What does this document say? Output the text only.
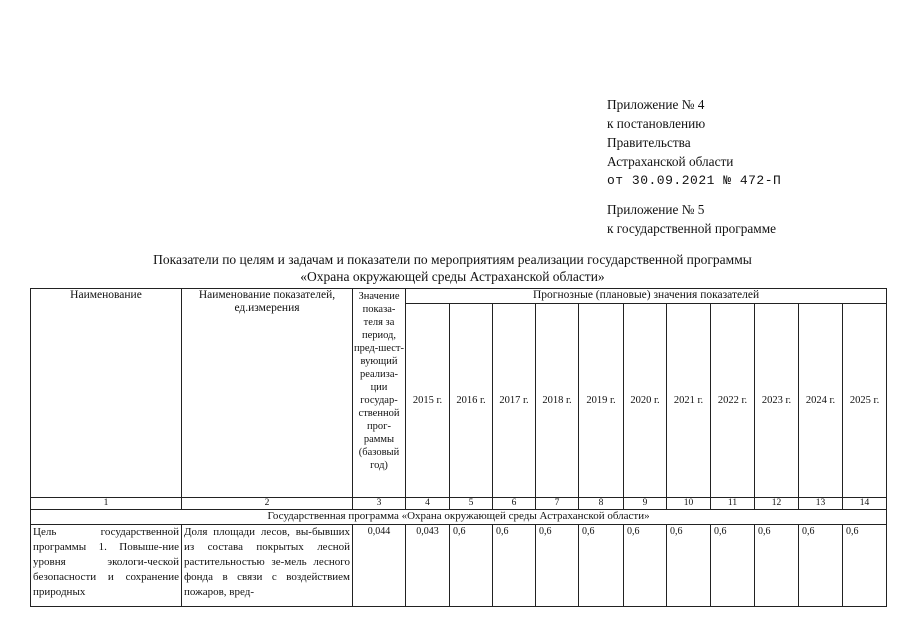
Приложение № 4
к постановлению
Правительства
Астраханской области
от 30.09.2021 № 472-П
Приложение № 5
к государственной программе
Показатели по целям и задачам и показатели по мероприятиям реализации государственной программы
«Охрана окружающей среды Астраханской области»
Наименование	Наименование показателей, ед.измерения	Значение показа-теля за период, пред-шест-вующий реализа-ции государ-ственной прог-раммы (базовый год)	Прогнозные (плановые) значения показателей										
			2015 г.	2016 г.	2017 г.	2018 г.	2019 г.	2020 г.	2021 г.	2022 г.	2023 г.	2024 г.	2025 г.
1	2	3	4	5	6	7	8	9	10	11	12	13	14
Государственная программа «Охрана окружающей среды Астраханской области»													
Цель государственной программы 1. Повыше-ние уровня экологи-ческой безопасности и сохранение природных	Доля площади лесов, вы-бывших из состава покрытых лесной растительностью зе-мель лесного фонда в связи с воздействием пожаров, вред-	0,044	0,043	0,6	0,6	0,6	0,6	0,6	0,6	0,6	0,6	0,6	0,6
